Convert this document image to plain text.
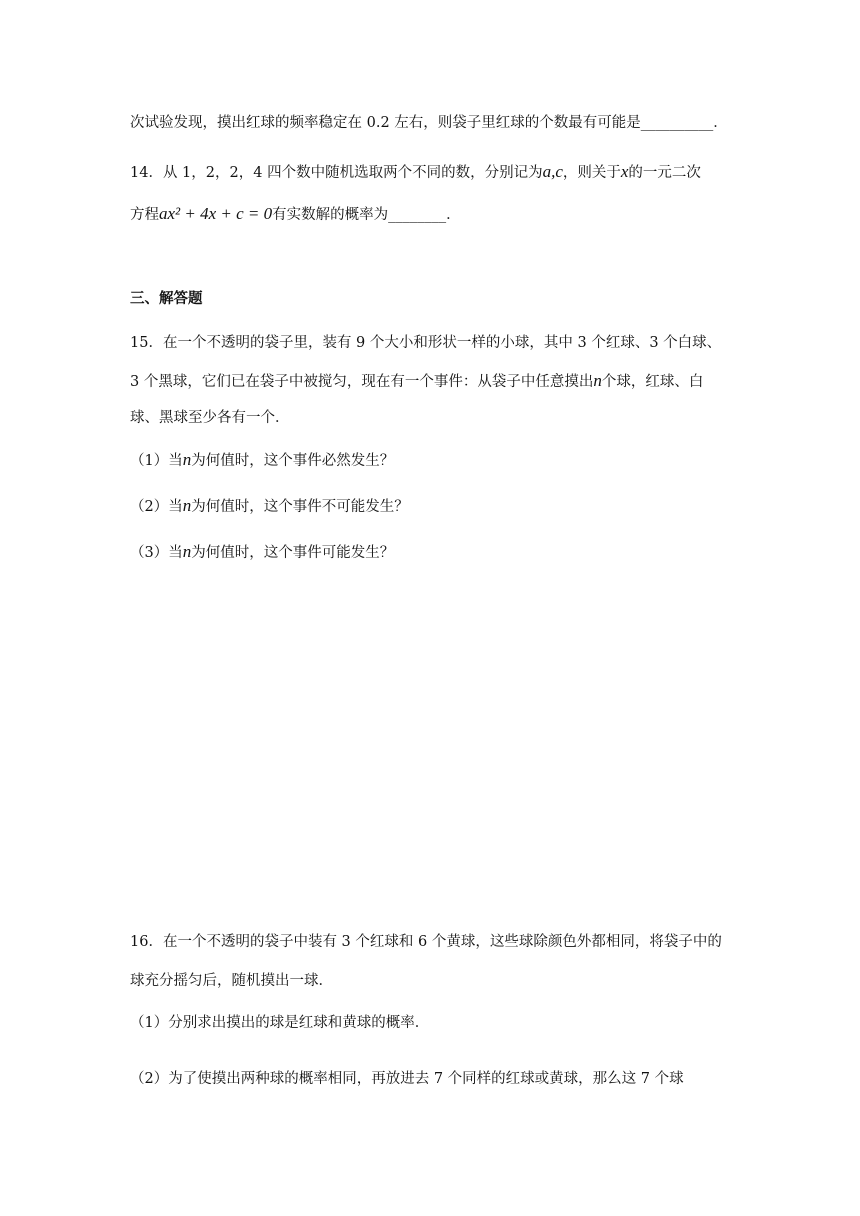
次试验发现，摸出红球的频率稳定在 0.2 左右，则袋子里红球的个数最有可能是__________．
14．从 1，2，2，4 四个数中随机选取两个不同的数，分别记为a,c，则关于x的一元二次
方程ax² + 4x + c = 0有实数解的概率为________．
三、解答题
15．在一个不透明的袋子里，装有 9 个大小和形状一样的小球，其中 3 个红球、3 个白球、
3 个黑球，它们已在袋子中被搅匀，现在有一个事件：从袋子中任意摸出n个球，红球、白
球、黑球至少各有一个．
（1）当n为何值时，这个事件必然发生？
（2）当n为何值时，这个事件不可能发生？
（3）当n为何值时，这个事件可能发生？
16．在一个不透明的袋子中装有 3 个红球和 6 个黄球，这些球除颜色外都相同，将袋子中的
球充分摇匀后，随机摸出一球．
（1）分别求出摸出的球是红球和黄球的概率．
（2）为了使摸出两种球的概率相同，再放进去 7 个同样的红球或黄球，那么这 7 个球
